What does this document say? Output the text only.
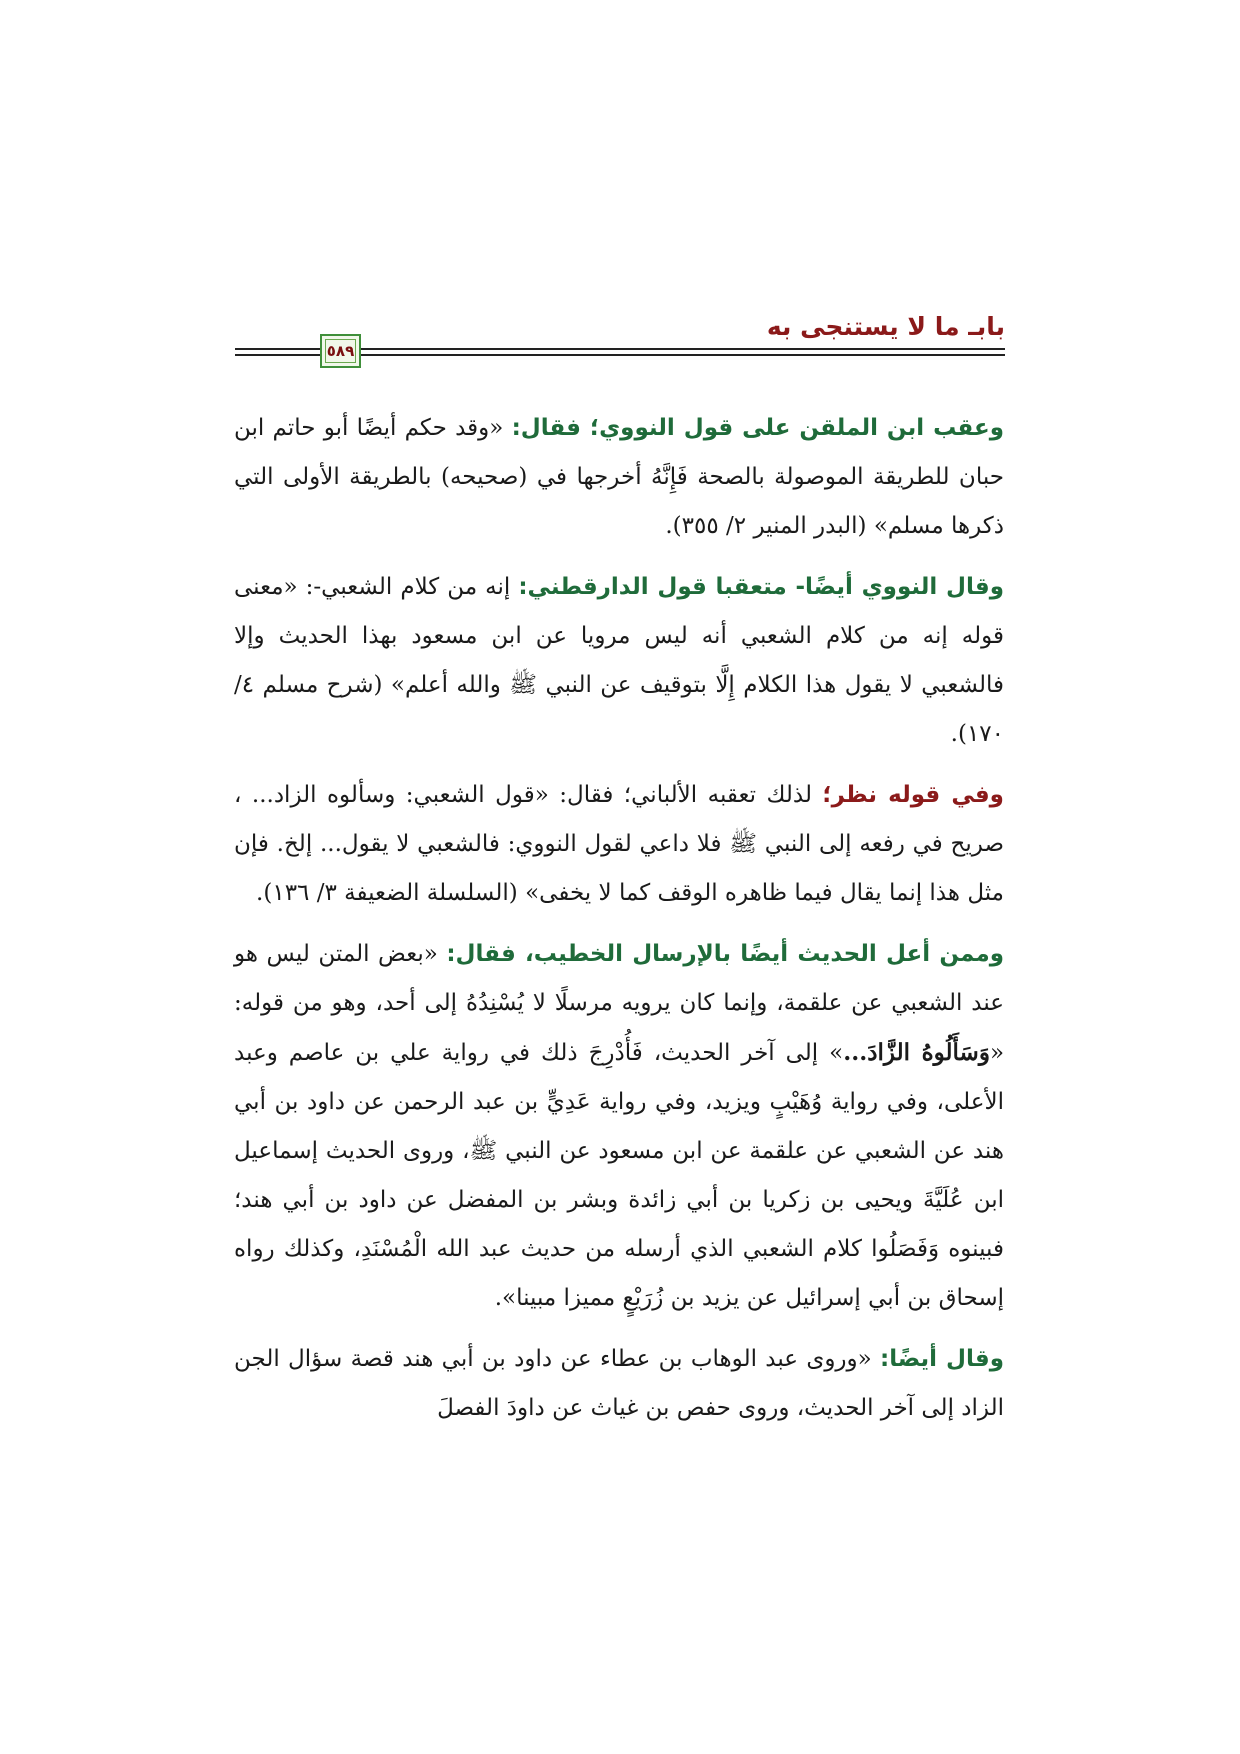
بابـ ما لا يستنجى به
٥٨٩

وعقب ابن الملقن على قول النووي؛ فقال: «وقد حكم أيضًا أبو حاتم ابن حبان للطريقة الموصولة بالصحة فَإِنَّهُ أخرجها في (صحيحه) بالطريقة الأولى التي ذكرها مسلم» (البدر المنير ٢/ ٣٥٥).

وقال النووي أيضًا- متعقبا قول الدارقطني: إنه من كلام الشعبي-: «معنى قوله إنه من كلام الشعبي أنه ليس مرويا عن ابن مسعود بهذا الحديث وإلا فالشعبي لا يقول هذا الكلام إِلَّا بتوقيف عن النبي ﷺ والله أعلم» (شرح مسلم ٤/ ١٧٠).

وفي قوله نظر؛ لذلك تعقبه الألباني؛ فقال: «قول الشعبي: وسألوه الزاد... ، صريح في رفعه إلى النبي ﷺ فلا داعي لقول النووي: فالشعبي لا يقول... إلخ. فإن مثل هذا إنما يقال فيما ظاهره الوقف كما لا يخفى» (السلسلة الضعيفة ٣/ ١٣٦).

وممن أعل الحديث أيضًا بالإرسال الخطيب، فقال: «بعض المتن ليس هو عند الشعبي عن علقمة، وإنما كان يرويه مرسلًا لا يُسْنِدُهُ إلى أحد، وهو من قوله: «وَسَأَلُوهُ الزَّادَ...» إلى آخر الحديث، فَأُدْرِجَ ذلك في رواية علي بن عاصم وعبد الأعلى، وفي رواية وُهَيْبٍ ويزيد، وفي رواية عَدِيٍّ بن عبد الرحمن عن داود بن أبي هند عن الشعبي عن علقمة عن ابن مسعود عن النبي ﷺ، وروى الحديث إسماعيل ابن عُلَيَّةَ ويحيى بن زكريا بن أبي زائدة وبشر بن المفضل عن داود بن أبي هند؛ فبينوه وَفَصَلُوا كلام الشعبي الذي أرسله من حديث عبد الله الْمُسْنَدِ، وكذلك رواه إسحاق بن أبي إسرائيل عن يزيد بن زُرَيْعٍ مميزا مبينا».

وقال أيضًا: «وروى عبد الوهاب بن عطاء عن داود بن أبي هند قصة سؤال الجن الزاد إلى آخر الحديث، وروى حفص بن غياث عن داودَ الفصلَ
